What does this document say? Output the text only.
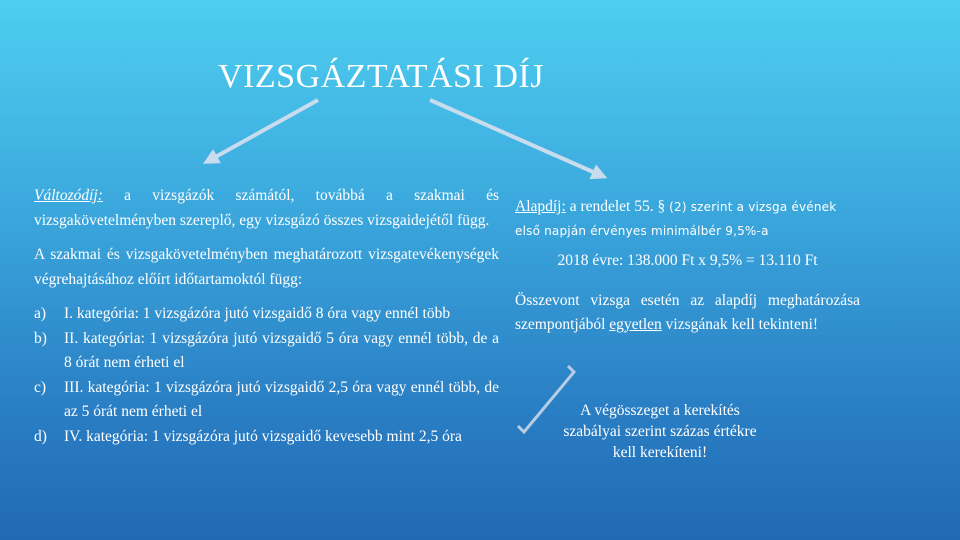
VIZSGÁZTATÁSI DÍJ

Változódíj: a vizsgázók számától, továbbá a szakmai és vizsgakövetelményben szereplő, egy vizsgázó összes vizsgaidejétől függ.

A szakmai és vizsgakövetelményben meghatározott vizsgatevékenységek végrehajtásához előírt időtartamoktól függ:

a) I. kategória: 1 vizsgázóra jutó vizsgaidő 8 óra vagy ennél több
b) II. kategória: 1 vizsgázóra jutó vizsgaidő 5 óra vagy ennél több, de a 8 órát nem érheti el
c) III. kategória: 1 vizsgázóra jutó vizsgaidő 2,5 óra vagy ennél több, de az 5 órát nem érheti el
d) IV. kategória: 1 vizsgázóra jutó vizsgaidő kevesebb mint 2,5 óra

Alapdíj: a rendelet 55. § (2) szerint a vizsga évének első napján érvényes minimálbér 9,5%-a

2018 évre: 138.000 Ft x 9,5% = 13.110 Ft

Összevont vizsga esetén az alapdíj meghatározása szempontjából egyetlen vizsgának kell tekinteni!

A végösszeget a kerekítés szabályai szerint százas értékre kell kerekíteni!
